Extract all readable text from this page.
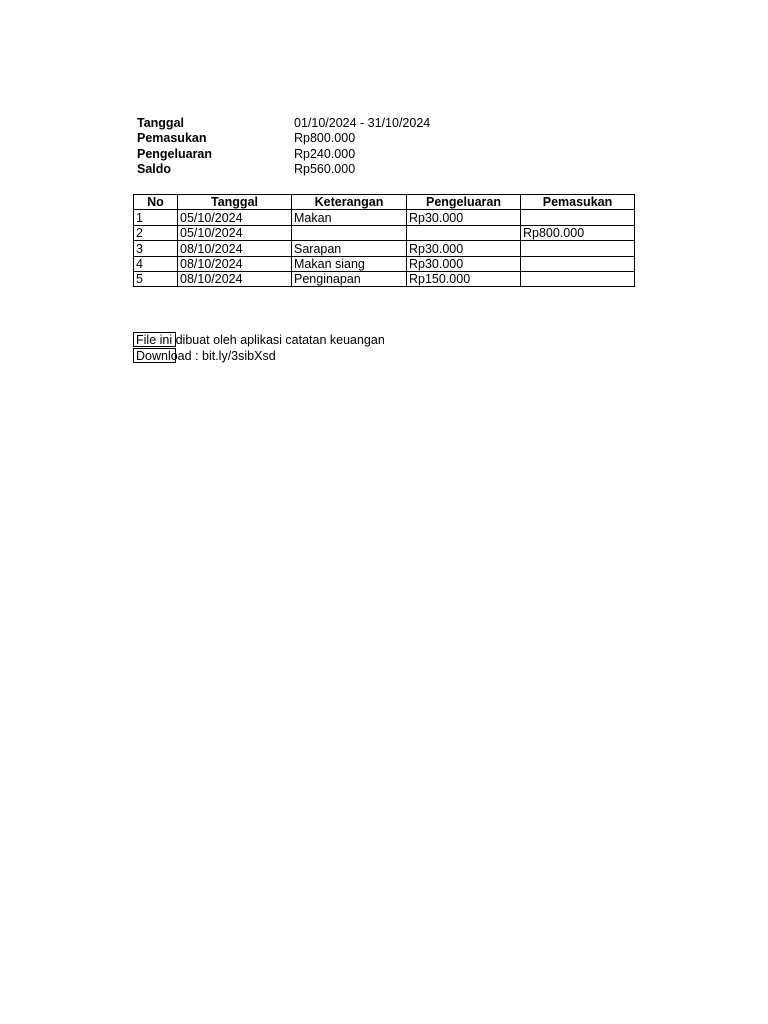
Tanggal	01/10/2024 - 31/10/2024
Pemasukan	Rp800.000
Pengeluaran	Rp240.000
Saldo	Rp560.000
No	Tanggal	Keterangan	Pengeluaran	Pemasukan
1	05/10/2024	Makan	Rp30.000	
2	05/10/2024			Rp800.000
3	08/10/2024	Sarapan	Rp30.000	
4	08/10/2024	Makan siang	Rp30.000	
5	08/10/2024	Penginapan	Rp150.000	
File ini dibuat oleh aplikasi catatan keuangan
Download : bit.ly/3sibXsd
